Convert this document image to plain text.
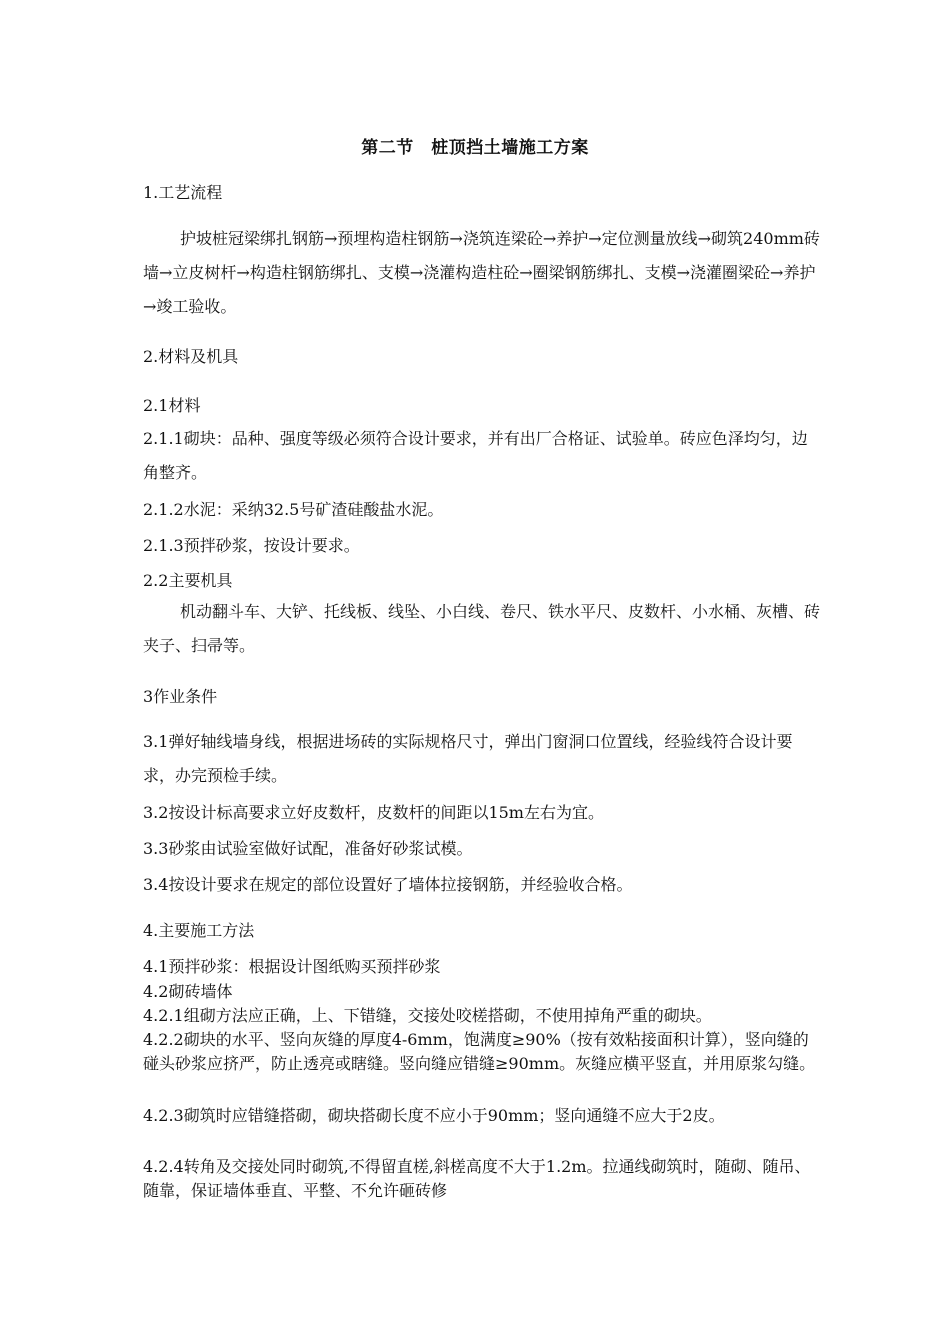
第二节　桩顶挡土墙施工方案

1.工艺流程

护坡桩冠梁绑扎钢筋→预埋构造柱钢筋→浇筑连梁砼→养护→定位测量放线→砌筑240mm砖墙→立皮树杆→构造柱钢筋绑扎、支模→浇灌构造柱砼→圈梁钢筋绑扎、支模→浇灌圈梁砼→养护→竣工验收。

2.材料及机具

2.1材料

2.1.1砌块：品种、强度等级必须符合设计要求，并有出厂合格证、试验单。砖应色泽均匀，边角整齐。

2.1.2水泥：采纳32.5号矿渣硅酸盐水泥。

2.1.3预拌砂浆，按设计要求。

2.2主要机具

机动翻斗车、大铲、托线板、线坠、小白线、卷尺、铁水平尺、皮数杆、小水桶、灰槽、砖夹子、扫帚等。

3作业条件

3.1弹好轴线墙身线，根据进场砖的实际规格尺寸，弹出门窗洞口位置线，经验线符合设计要求，办完预检手续。

3.2按设计标高要求立好皮数杆，皮数杆的间距以15m左右为宜。

3.3砂浆由试验室做好试配，准备好砂浆试模。

3.4按设计要求在规定的部位设置好了墙体拉接钢筋，并经验收合格。

4.主要施工方法

4.1预拌砂浆：根据设计图纸购买预拌砂浆

4.2砌砖墙体

4.2.1组砌方法应正确，上、下错缝，交接处咬槎搭砌，不使用掉角严重的砌块。

4.2.2砌块的水平、竖向灰缝的厚度4-6mm，饱满度≥90%（按有效粘接面积计算），竖向缝的碰头砂浆应挤严，防止透亮或瞎缝。竖向缝应错缝≥90mm。灰缝应横平竖直，并用原浆勾缝。

4.2.3砌筑时应错缝搭砌，砌块搭砌长度不应小于90mm；竖向通缝不应大于2皮。

4.2.4转角及交接处同时砌筑,不得留直槎,斜槎高度不大于1.2m。拉通线砌筑时，随砌、随吊、随靠，保证墙体垂直、平整、不允许砸砖修
